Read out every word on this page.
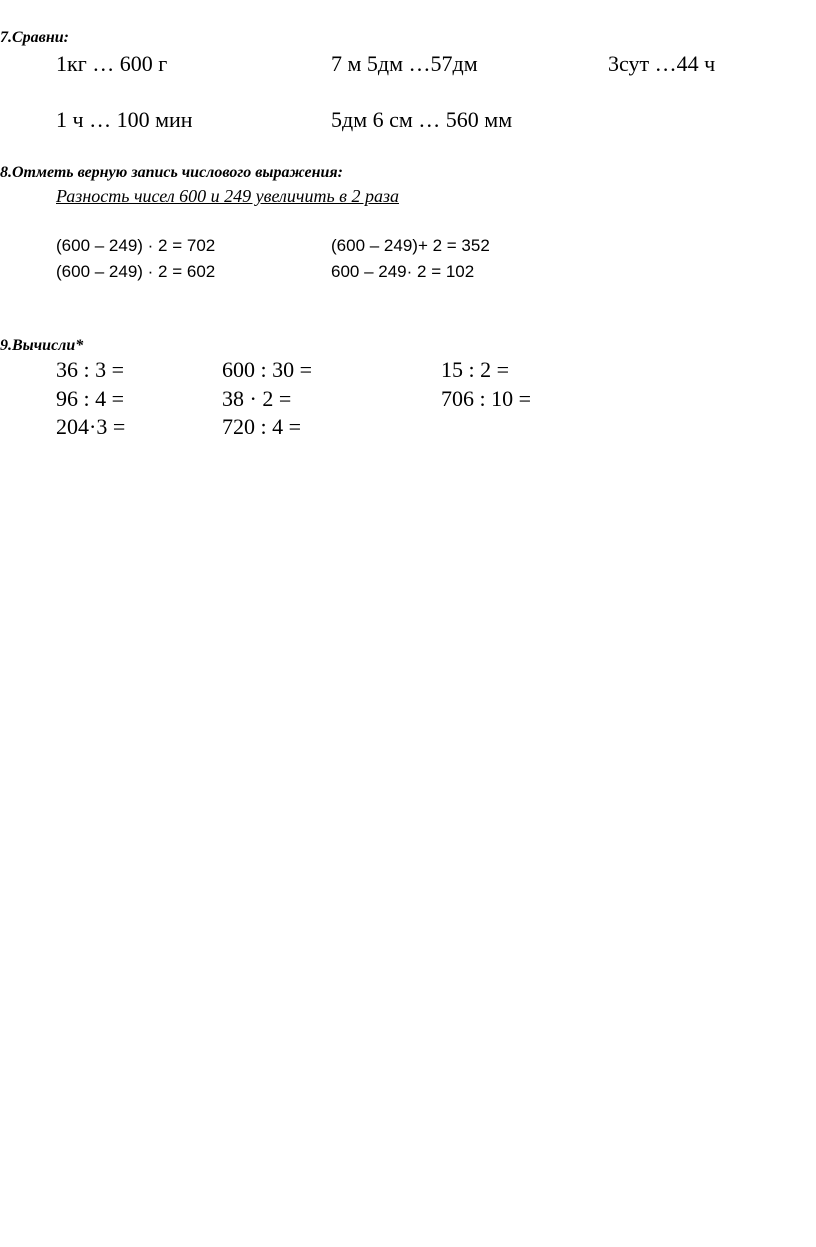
7.Сравни:
1кг … 600 г	7 м 5дм …57дм	3сут …44 ч
1 ч … 100 мин	5дм 6 см … 560 мм
8.Отметь верную запись числового выражения:
Разность чисел 600 и 249 увеличить в 2 раза
(600 – 249) · 2 = 702	(600 – 249)+ 2 = 352
(600 – 249) · 2 = 602	600 – 249· 2 = 102
9.Вычисли*
36 : 3 =	600 : 30 =	15 : 2 =
96 : 4 =	38 · 2 =	706 : 10 =
204·3 =	720 : 4 =
